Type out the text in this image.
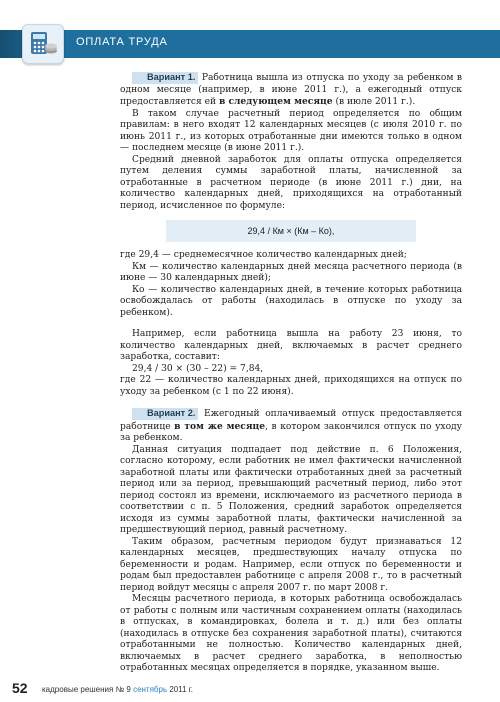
ОПЛАТА ТРУДА

Вариант 1. Работница вышла из отпуска по уходу за ребенком в одном месяце (например, в июне 2011 г.), а ежегодный отпуск предоставляется ей в следующем месяце (в июле 2011 г.).

В таком случае расчетный период определяется по общим правилам: в него входят 12 календарных месяцев (с июля 2010 г. по июнь 2011 г., из которых отработанные дни имеются только в одном — последнем месяце (в июне 2011 г.).

Средний дневной заработок для оплаты отпуска определяется путем деления суммы заработной платы, начисленной за отработанные в расчетном периоде (в июне 2011 г.) дни, на количество календарных дней, приходящихся на отработанный период, исчисленное по формуле:

29,4 / Км × (Км – Ко),

где 29,4 — среднемесячное количество календарных дней;

Км — количество календарных дней месяца расчетного периода (в июне — 30 календарных дней);

Ко — количество календарных дней, в течение которых работница освобождалась от работы (находилась в отпуске по уходу за ребенком).

Например, если работница вышла на работу 23 июня, то количество календарных дней, включаемых в расчет среднего заработка, составит:

29,4 / 30 × (30 – 22) = 7,84,

где 22 — количество календарных дней, приходящихся на отпуск по уходу за ребенком (с 1 по 22 июня).

Вариант 2. Ежегодный оплачиваемый отпуск предоставляется работнице в том же месяце, в котором закончился отпуск по уходу за ребенком.

Данная ситуация подпадает под действие п. 6 Положения, согласно которому, если работник не имел фактически начисленной заработной платы или фактически отработанных дней за расчетный период или за период, превышающий расчетный период, либо этот период состоял из времени, исключаемого из расчетного периода в соответствии с п. 5 Положения, средний заработок определяется исходя из суммы заработной платы, фактически начисленной за предшествующий период, равный расчетному.

Таким образом, расчетным периодом будут признаваться 12 календарных месяцев, предшествующих началу отпуска по беременности и родам. Например, если отпуск по беременности и родам был предоставлен работнице с апреля 2008 г., то в расчетный период войдут месяцы с апреля 2007 г. по март 2008 г.

Месяцы расчетного периода, в которых работница освобождалась от работы с полным или частичным сохранением оплаты (находилась в отпусках, в командировках, болела и т. д.) или без оплаты (находилась в отпуске без сохранения заработной платы), считаются отработанными не полностью. Количество календарных дней, включаемых в расчет среднего заработка, в неполностью отработанных месяцах определяется в порядке, указанном выше.

52 кадровые решения № 9 сентябрь 2011 г.
